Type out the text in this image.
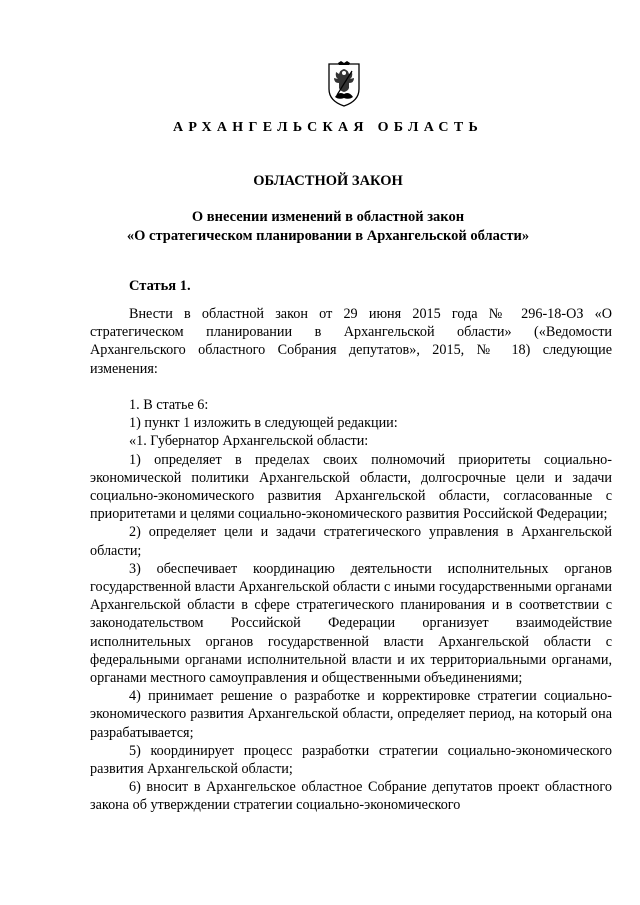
АРХАНГЕЛЬСКАЯ ОБЛАСТЬ
ОБЛАСТНОЙ ЗАКОН
О внесении изменений в областной закон
«О стратегическом планировании в Архангельской области»
Статья 1.

Внести в областной закон от 29 июня 2015 года № 296-18-ОЗ «О стратегическом планировании в Архангельской области» («Ведомости Архангельского областного Собрания депутатов», 2015, № 18) следующие изменения:

1. В статье 6:

1) пункт 1 изложить в следующей редакции:

«1. Губернатор Архангельской области:

1) определяет в пределах своих полномочий приоритеты социально-экономической политики Архангельской области, долгосрочные цели и задачи социально-экономического развития Архангельской области, согласованные с приоритетами и целями социально-экономического развития Российской Федерации;

2) определяет цели и задачи стратегического управления в Архангельской области;

3) обеспечивает координацию деятельности исполнительных органов государственной власти Архангельской области с иными государственными органами Архангельской области в сфере стратегического планирования и в соответствии с законодательством Российской Федерации организует взаимодействие исполнительных органов государственной власти Архангельской области с федеральными органами исполнительной власти и их территориальными органами, органами местного самоуправления и общественными объединениями;

4) принимает решение о разработке и корректировке стратегии социально-экономического развития Архангельской области, определяет период, на который она разрабатывается;

5) координирует процесс разработки стратегии социально-экономического развития Архангельской области;

6) вносит в Архангельское областное Собрание депутатов проект областного закона об утверждении стратегии социально-экономического
